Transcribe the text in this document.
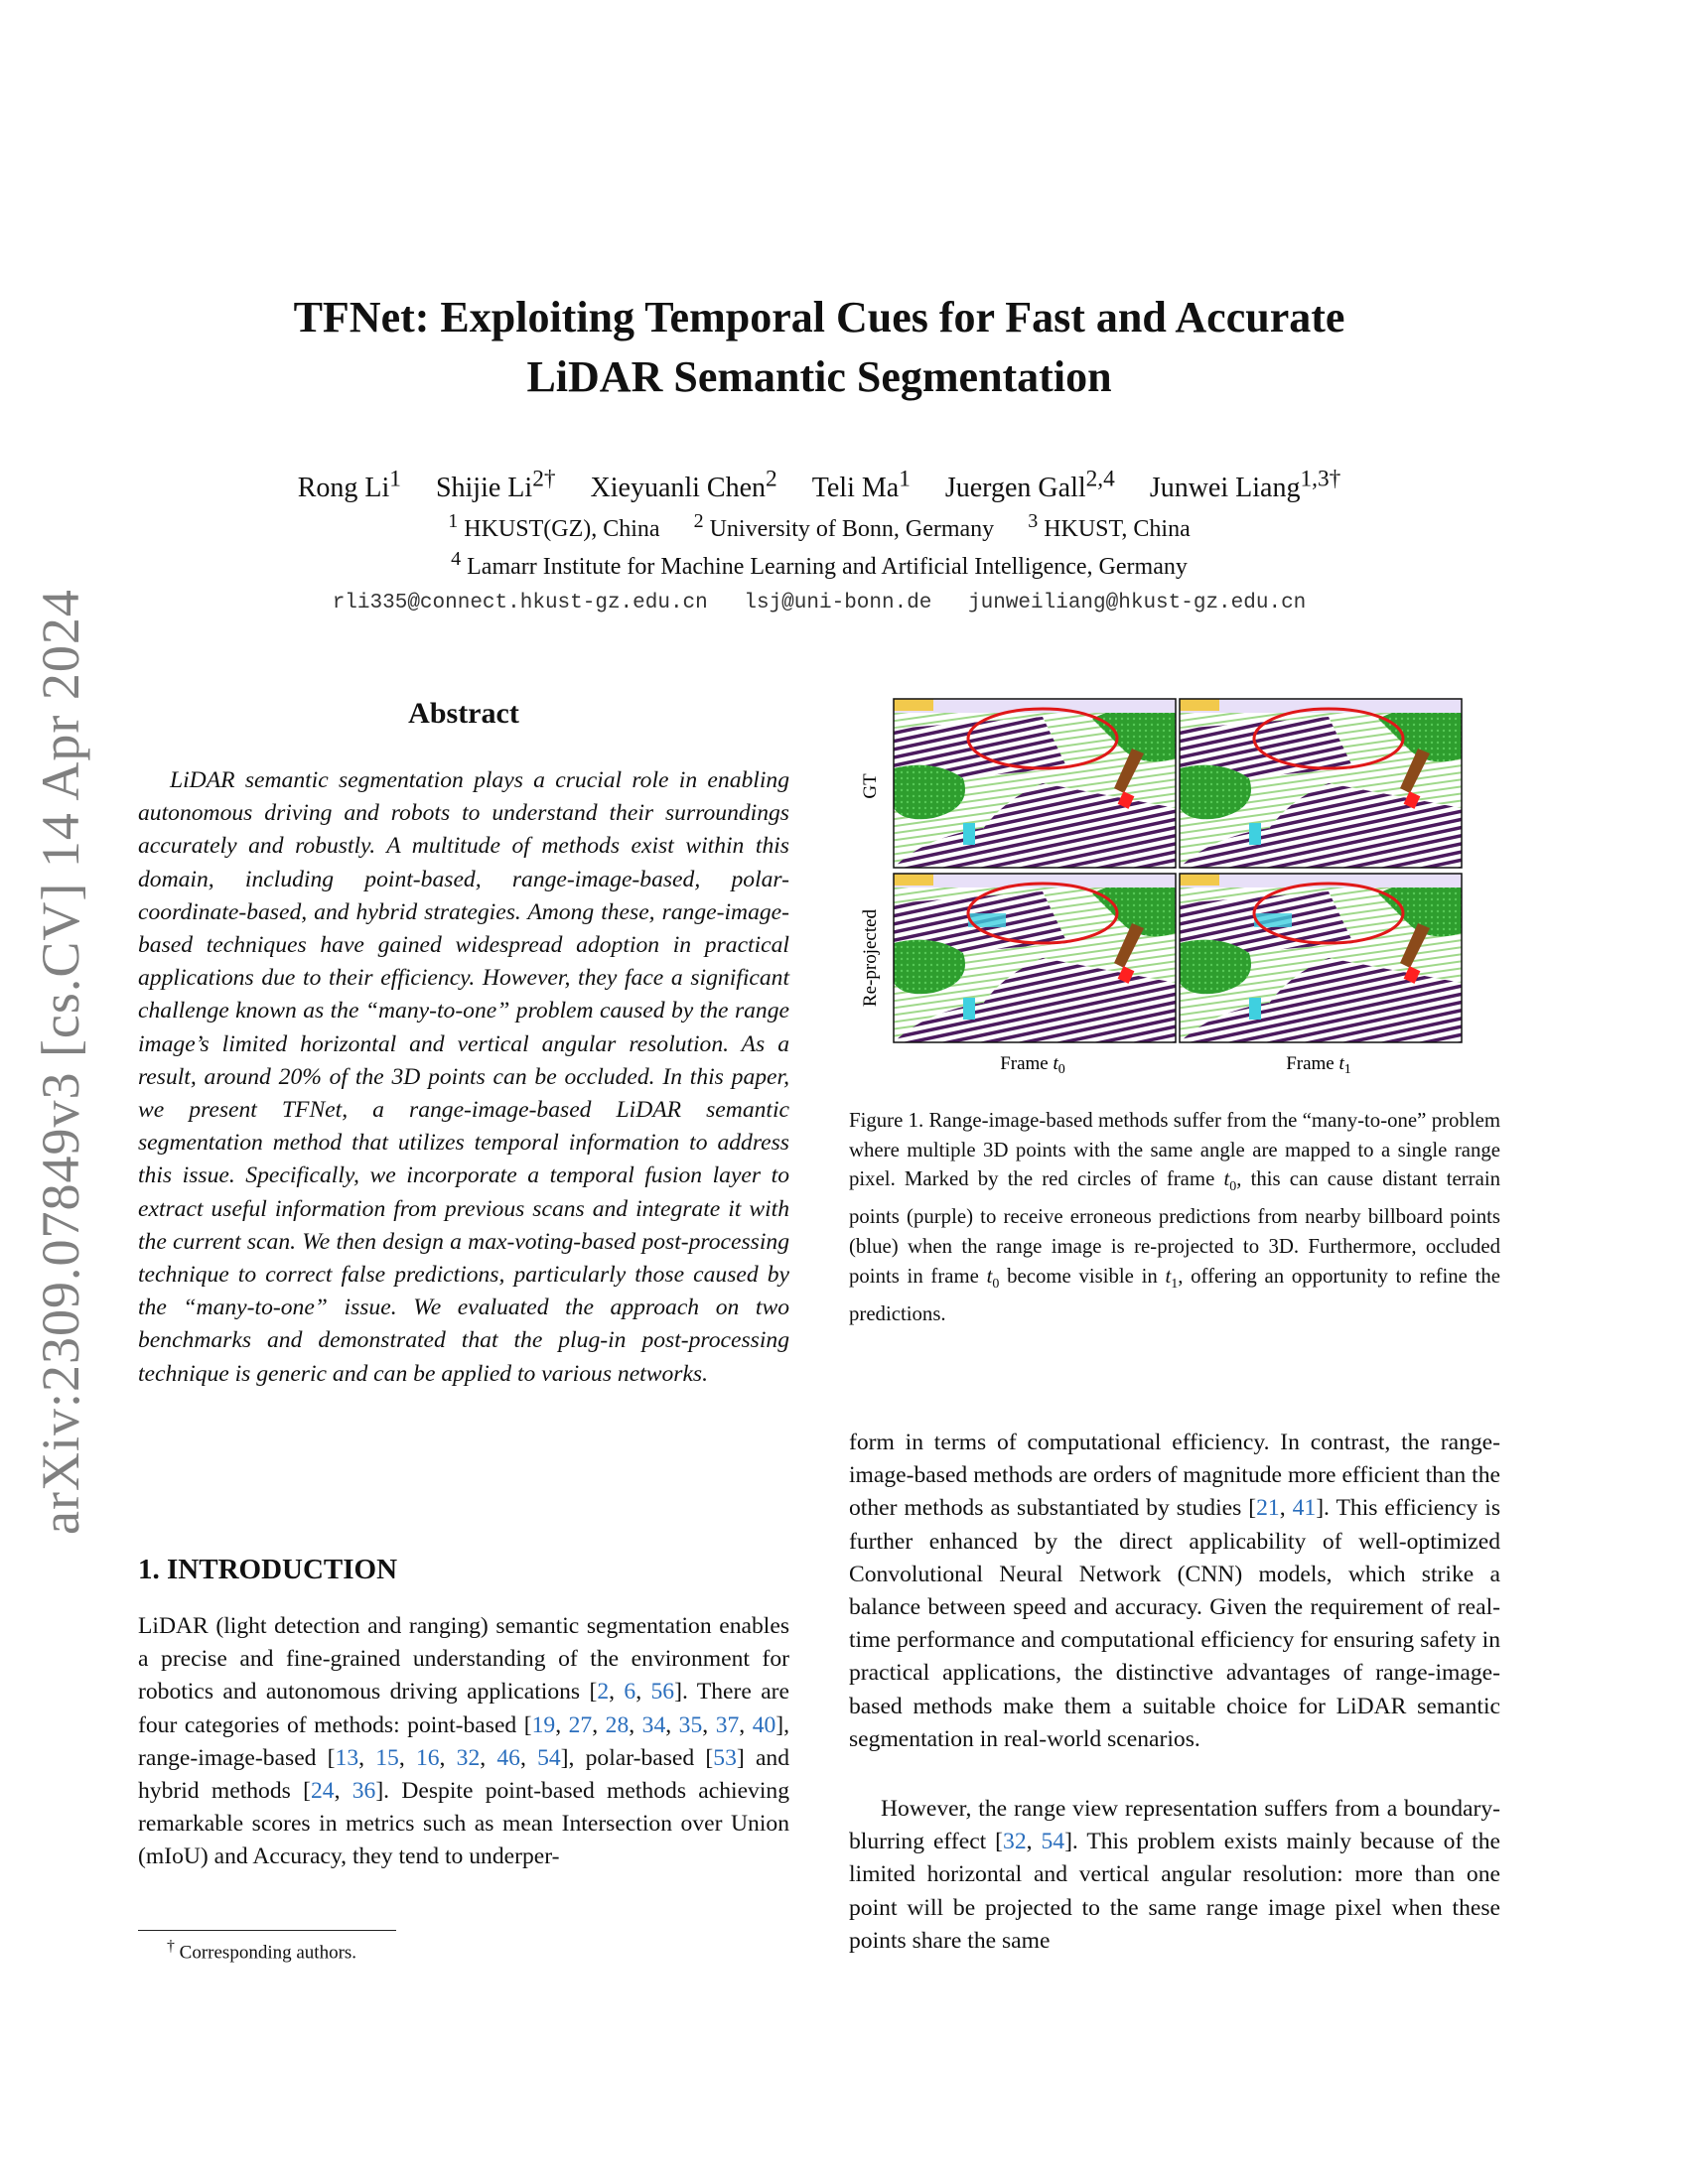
arXiv:2309.07849v3 [cs.CV] 14 Apr 2024
TFNet: Exploiting Temporal Cues for Fast and Accurate
LiDAR Semantic Segmentation
Rong Li$^1$ Shijie $Li^{2\dagger}$ Xieyuanli Chen$^2$ Teli Ma$^1$ Juergen Gall$^{2,4}$ Junwei Liang$^{1,3\dagger}$
$^1$ HKUST(GZ), China $^2$ University of Bonn, Germany $^3$ HKUST, China
$^4$ Lamarr Institute for Machine Learning and Artificial Intelligence, Germany
rli335@connect.hkust-gz.edu.cn lsj@uni-bonn.de junweiliang@hkust-gz.edu.cn
Abstract
LiDAR semantic segmentation plays a crucial role in enabling autonomous driving and robots to understand their surroundings accurately and robustly. A multitude of methods exist within this domain, including point-based, range-image-based, polar-coordinate-based, and hybrid strategies. Among these, range-image-based techniques have gained widespread adoption in practical applications due to their efficiency. However, they face a significant challenge known as the “many-to-one” problem caused by the range image’s limited horizontal and vertical angular resolution. As a result, around 20% of the 3D points can be occluded. In this paper, we present TFNet, a range-image-based LiDAR semantic segmentation method that utilizes temporal information to address this issue. Specifically, we incorporate a temporal fusion layer to extract useful information from previous scans and integrate it with the current scan. We then design a max-voting-based post-processing technique to correct false predictions, particularly those caused by the “many-to-one” issue. We evaluated the approach on two benchmarks and demonstrated that the plug-in post-processing technique is generic and can be applied to various networks.
1. INTRODUCTION
LiDAR (light detection and ranging) semantic segmentation enables a precise and fine-grained understanding of the environment for robotics and autonomous driving applications [2, 6, 56]. There are four categories of methods: point-based [19, 27, 28, 34, 35, 37, 40], range-image-based [13, 15, 16, 32, 46, 54], polar-based [53] and hybrid methods [24, 36]. Despite point-based methods achieving remarkable scores in metrics such as mean Intersection over Union (mIoU) and Accuracy, they tend to underper-
† Corresponding authors.
GT
Re-projected
Frame $t_0$	Frame $t_1$
Figure 1. Range-image-based methods suffer from the “many-to-one” problem where multiple 3D points with the same angle are mapped to a single range pixel. Marked by the red circles of frame $t_0$, this can cause distant terrain points (purple) to receive erroneous predictions from nearby billboard points (blue) when the range image is re-projected to 3D. Furthermore, occluded points in frame $t_0$ become visible in $t_1$, offering an opportunity to refine the predictions.
form in terms of computational efficiency. In contrast, the range-image-based methods are orders of magnitude more efficient than the other methods as substantiated by studies [21, 41]. This efficiency is further enhanced by the direct applicability of well-optimized Convolutional Neural Network (CNN) models, which strike a balance between speed and accuracy. Given the requirement of real-time performance and computational efficiency for ensuring safety in practical applications, the distinctive advantages of range-image-based methods make them a suitable choice for LiDAR semantic segmentation in real-world scenarios.
However, the range view representation suffers from a boundary-blurring effect [32, 54]. This problem exists mainly because of the limited horizontal and vertical angular resolution: more than one point will be projected to the same range image pixel when these points share the same
